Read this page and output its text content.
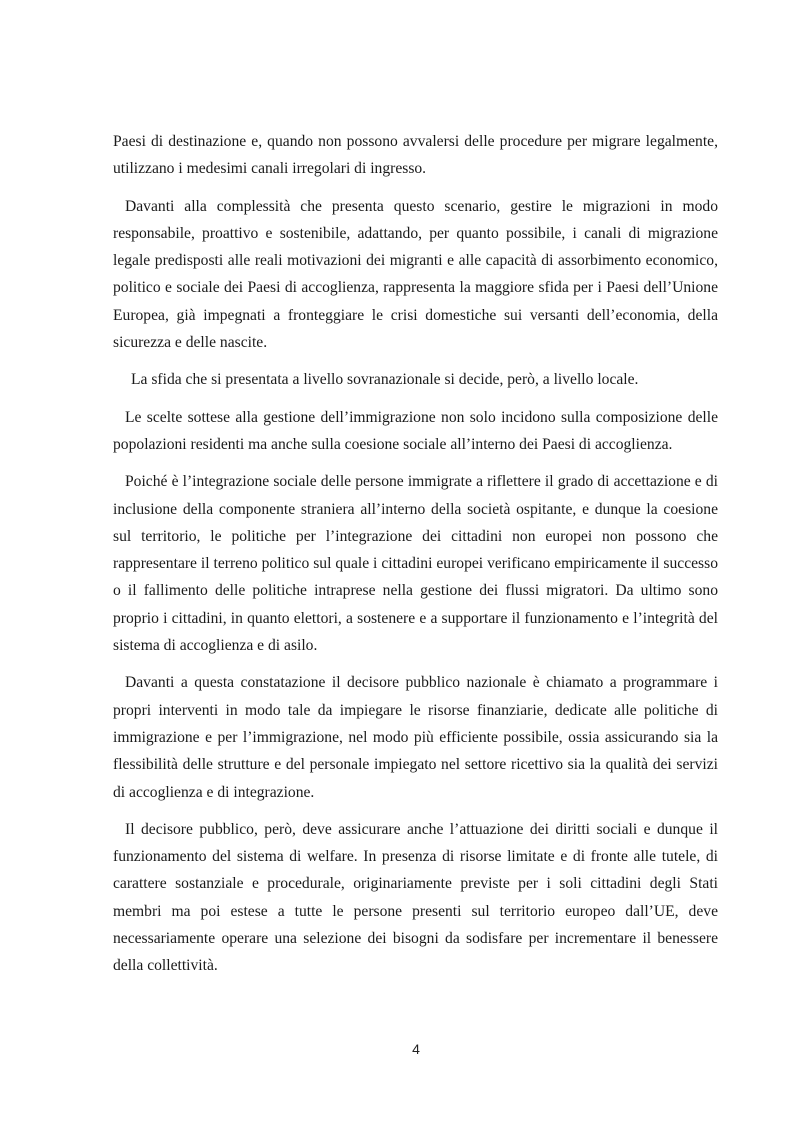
Paesi di destinazione e, quando non possono avvalersi delle procedure per migrare legalmente, utilizzano i medesimi canali irregolari di ingresso.

Davanti alla complessità che presenta questo scenario, gestire le migrazioni in modo responsabile, proattivo e sostenibile, adattando, per quanto possibile, i canali di migrazione legale predisposti alle reali motivazioni dei migranti e alle capacità di assorbimento economico, politico e sociale dei Paesi di accoglienza, rappresenta la maggiore sfida per i Paesi dell’Unione Europea, già impegnati a fronteggiare le crisi domestiche sui versanti dell’economia, della sicurezza e delle nascite.

La sfida che si presentata a livello sovranazionale si decide, però, a livello locale.

Le scelte sottese alla gestione dell’immigrazione non solo incidono sulla composizione delle popolazioni residenti ma anche sulla coesione sociale all’interno dei Paesi di accoglienza.

Poiché è l’integrazione sociale delle persone immigrate a riflettere il grado di accettazione e di inclusione della componente straniera all’interno della società ospitante, e dunque la coesione sul territorio, le politiche per l’integrazione dei cittadini non europei non possono che rappresentare il terreno politico sul quale i cittadini europei verificano empiricamente il successo o il fallimento delle politiche intraprese nella gestione dei flussi migratori. Da ultimo sono proprio i cittadini, in quanto elettori, a sostenere e a supportare il funzionamento e l’integrità del sistema di accoglienza e di asilo.

Davanti a questa constatazione il decisore pubblico nazionale è chiamato a programmare i propri interventi in modo tale da impiegare le risorse finanziarie, dedicate alle politiche di immigrazione e per l’immigrazione, nel modo più efficiente possibile, ossia assicurando sia la flessibilità delle strutture e del personale impiegato nel settore ricettivo sia la qualità dei servizi di accoglienza e di integrazione.

Il decisore pubblico, però, deve assicurare anche l’attuazione dei diritti sociali e dunque il funzionamento del sistema di welfare. In presenza di risorse limitate e di fronte alle tutele, di carattere sostanziale e procedurale, originariamente previste per i soli cittadini degli Stati membri ma poi estese a tutte le persone presenti sul territorio europeo dall’UE, deve necessariamente operare una selezione dei bisogni da sodisfare per incrementare il benessere della collettività.

4
